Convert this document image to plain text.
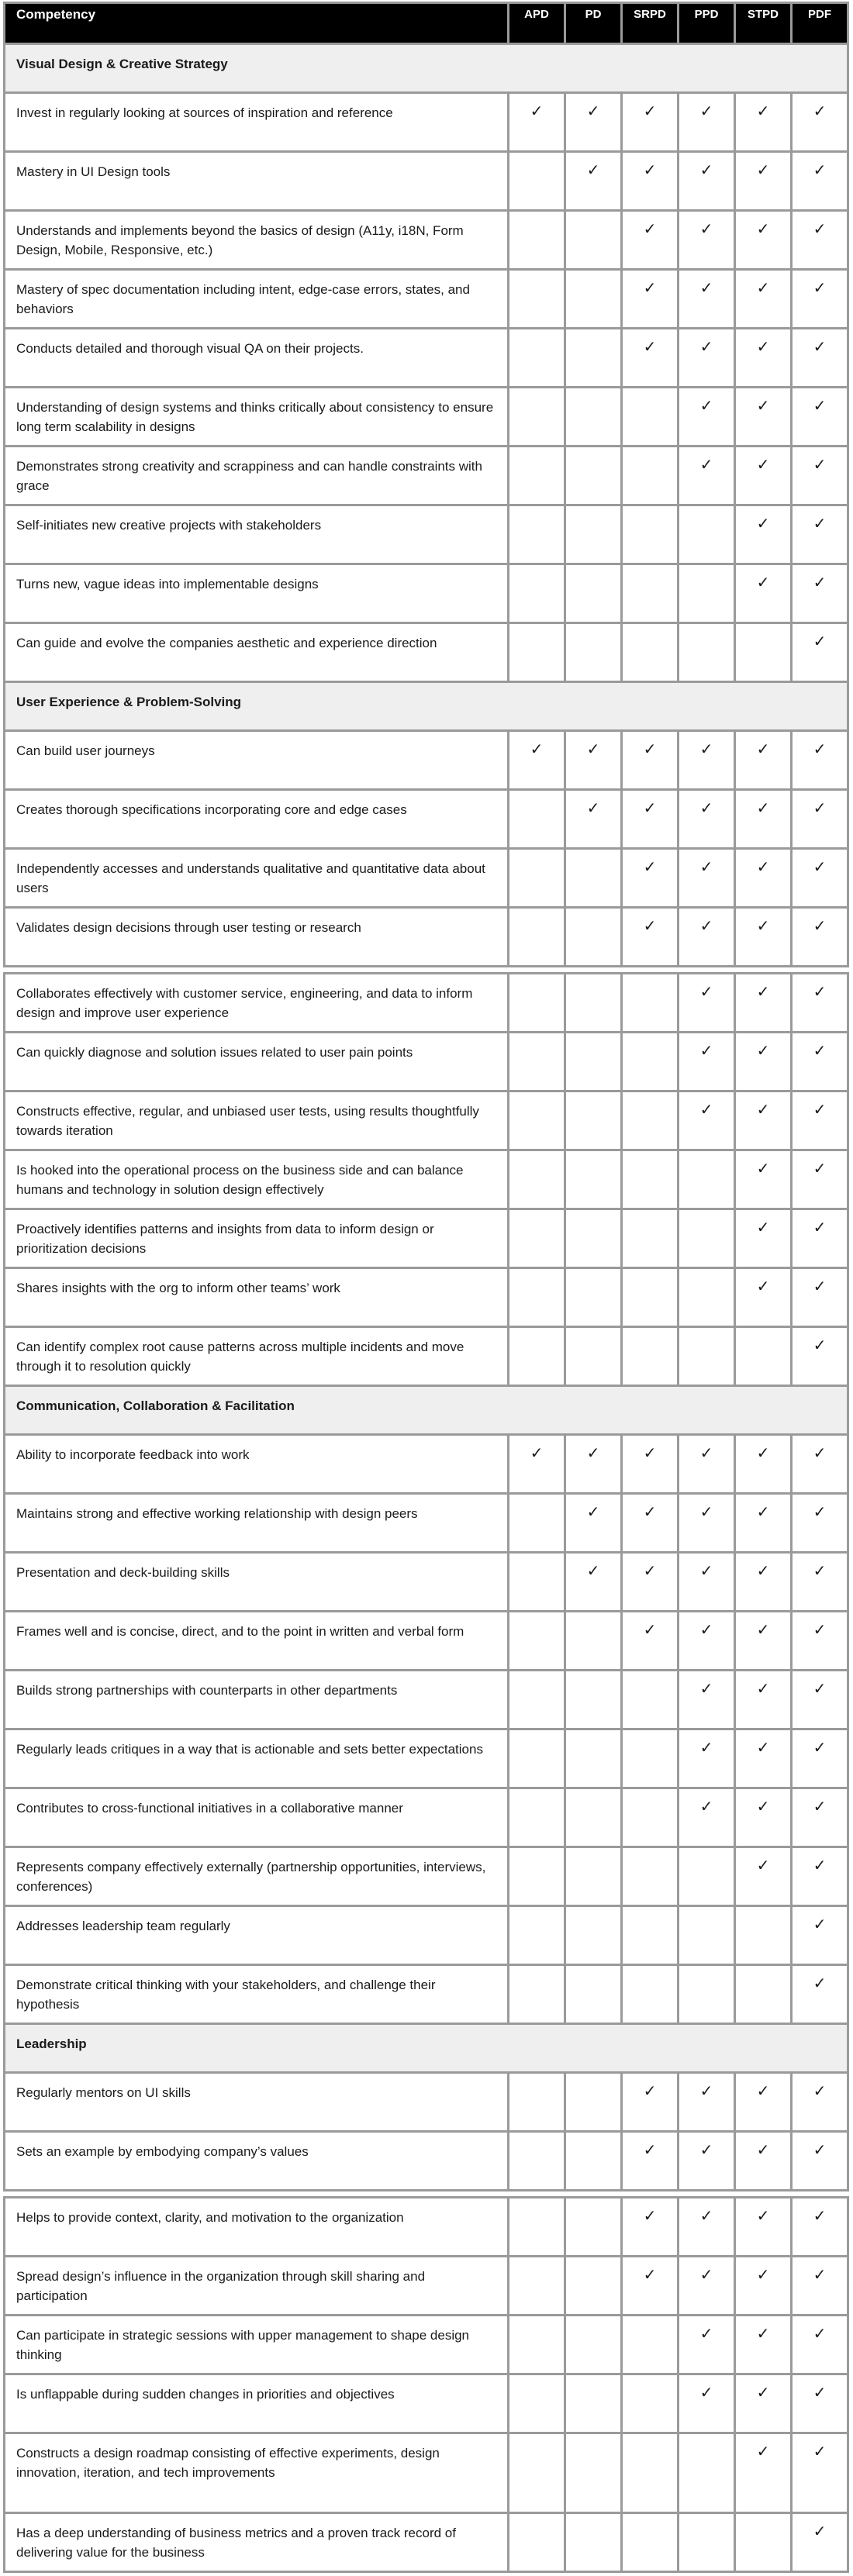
Competency	APD	PD	SRPD	PPD	STPD	PDF
Visual Design & Creative Strategy						
Invest in regularly looking at sources of inspiration and reference	✓	✓	✓	✓	✓	✓
Mastery in UI Design tools		✓	✓	✓	✓	✓
Understands and implements beyond the basics of design (A11y, i18N, Form Design, Mobile, Responsive, etc.)			✓	✓	✓	✓
Mastery of spec documentation including intent, edge-case errors, states, and behaviors			✓	✓	✓	✓
Conducts detailed and thorough visual QA on their projects.			✓	✓	✓	✓
Understanding of design systems and thinks critically about consistency to ensure long term scalability in designs				✓	✓	✓
Demonstrates strong creativity and scrappiness and can handle constraints with grace				✓	✓	✓
Self-initiates new creative projects with stakeholders					✓	✓
Turns new, vague ideas into implementable designs					✓	✓
Can guide and evolve the companies aesthetic and experience direction						✓
User Experience & Problem-Solving						
Can build user journeys	✓	✓	✓	✓	✓	✓
Creates thorough specifications incorporating core and edge cases		✓	✓	✓	✓	✓
Independently accesses and understands qualitative and quantitative data about users			✓	✓	✓	✓
Validates design decisions through user testing or research			✓	✓	✓	✓
Collaborates effectively with customer service, engineering, and data to inform design and improve user experience				✓	✓	✓
Can quickly diagnose and solution issues related to user pain points				✓	✓	✓
Constructs effective, regular, and unbiased user tests, using results thoughtfully towards iteration				✓	✓	✓
Is hooked into the operational process on the business side and can balance humans and technology in solution design effectively					✓	✓
Proactively identifies patterns and insights from data to inform design or prioritization decisions					✓	✓
Shares insights with the org to inform other teams’ work					✓	✓
Can identify complex root cause patterns across multiple incidents and move through it to resolution quickly						✓
Communication, Collaboration & Facilitation						
Ability to incorporate feedback into work	✓	✓	✓	✓	✓	✓
Maintains strong and effective working relationship with design peers		✓	✓	✓	✓	✓
Presentation and deck-building skills		✓	✓	✓	✓	✓
Frames well and is concise, direct, and to the point in written and verbal form			✓	✓	✓	✓
Builds strong partnerships with counterparts in other departments				✓	✓	✓
Regularly leads critiques in a way that is actionable and sets better expectations				✓	✓	✓
Contributes to cross-functional initiatives in a collaborative manner				✓	✓	✓
Represents company effectively externally (partnership opportunities, interviews, conferences)					✓	✓
Addresses leadership team regularly						✓
Demonstrate critical thinking with your stakeholders, and challenge their hypothesis						✓
Leadership						
Regularly mentors on UI skills			✓	✓	✓	✓
Sets an example by embodying company’s values			✓	✓	✓	✓
Helps to provide context, clarity, and motivation to the organization			✓	✓	✓	✓
Spread design’s influence in the organization through skill sharing and participation			✓	✓	✓	✓
Can participate in strategic sessions with upper management to shape design thinking				✓	✓	✓
Is unflappable during sudden changes in priorities and objectives				✓	✓	✓
Constructs a design roadmap consisting of effective experiments, design innovation, iteration, and tech improvements					✓	✓
Has a deep understanding of business metrics and a proven track record of delivering value for the business						✓
